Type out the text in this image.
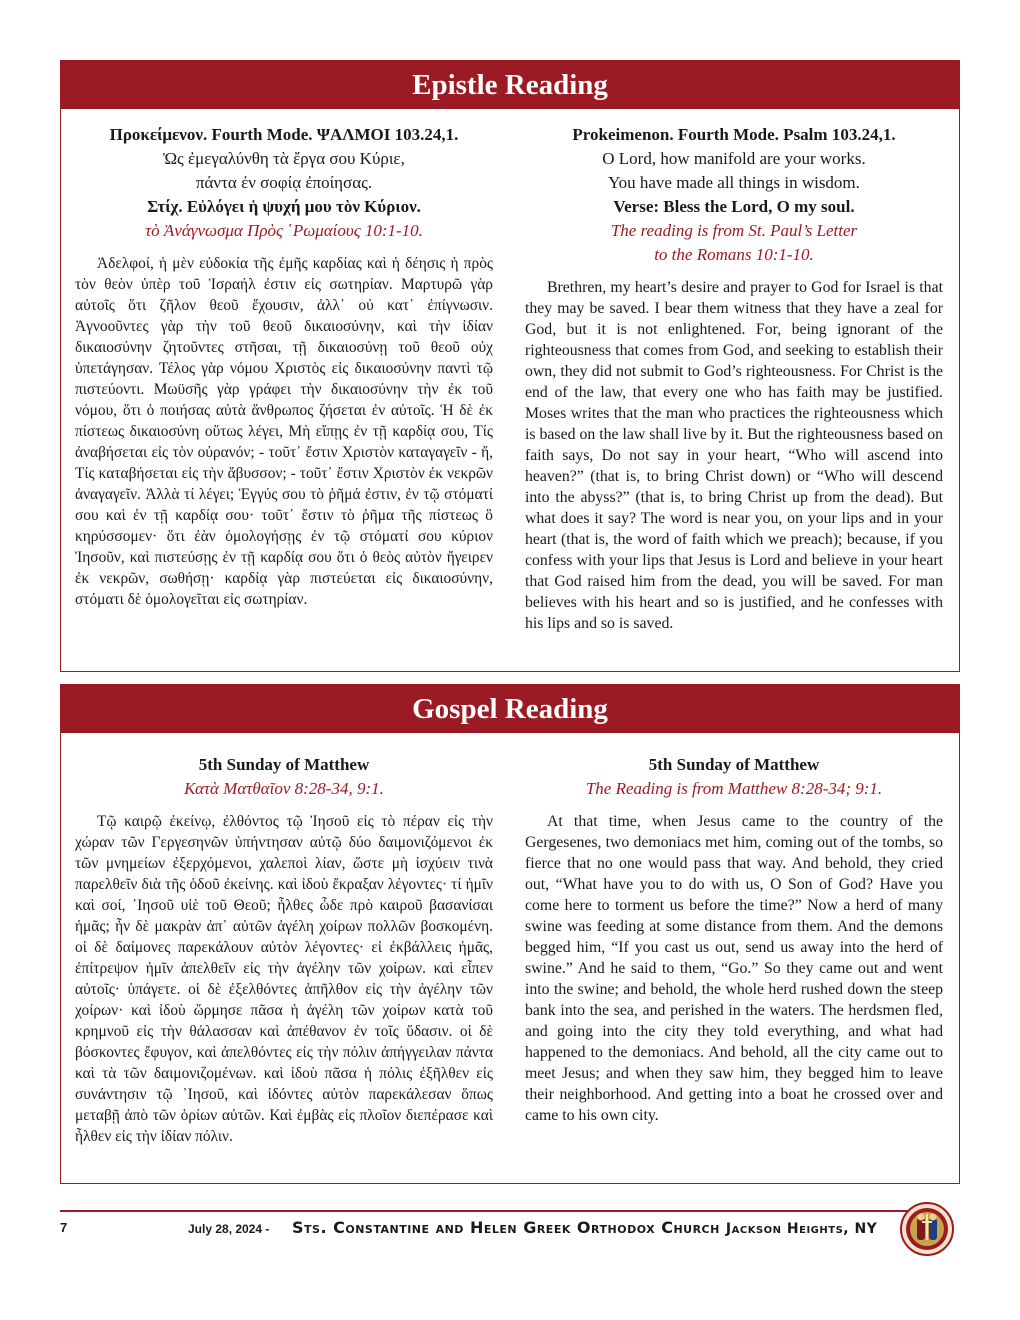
Epistle Reading
Προκείμενον. Fourth Mode. ΨΑΛΜΟΙ 103.24,1.
Ὡς ἐμεγαλύνθη τὰ ἔργα σου Κύριε,
πάντα ἐν σοφίᾳ ἐποίησας.
Στίχ. Εὐλόγει ἡ ψυχή μου τὸν Κύριον.
τὸ Ἀνάγνωσμα Πρὸς ῾Ρωμαίους 10:1-10.
Ἀδελφοί, ἡ μὲν εὐδοκία τῆς ἐμῆς καρδίας καὶ ἡ δέησις ἡ πρὸς τὸν θεὸν ὑπὲρ τοῦ Ἰσραήλ ἐστιν εἰς σωτηρίαν. Μαρτυρῶ γὰρ αὐτοῖς ὅτι ζῆλον θεοῦ ἔχουσιν, ἀλλ᾽ οὐ κατ᾽ ἐπίγνωσιν. Ἀγνοοῦντες γὰρ τὴν τοῦ θεοῦ δικαιοσύνην, καὶ τὴν ἰδίαν δικαιοσύνην ζητοῦντες στῆσαι, τῇ δικαιοσύνῃ τοῦ θεοῦ οὐχ ὑπετάγησαν. Τέλος γὰρ νόμου Χριστὸς εἰς δικαιοσύνην παντὶ τῷ πιστεύοντι. Μωϋσῆς γὰρ γράφει τὴν δικαιοσύνην τὴν ἐκ τοῦ νόμου, ὅτι ὁ ποιήσας αὐτὰ ἄνθρωπος ζήσεται ἐν αὐτοῖς. Ἡ δὲ ἐκ πίστεως δικαιοσύνη οὕτως λέγει, Μὴ εἴπῃς ἐν τῇ καρδίᾳ σου, Τίς ἀναβήσεται εἰς τὸν οὐρανόν; - τοῦτ᾽ ἔστιν Χριστὸν καταγαγεῖν - ἤ, Τίς καταβήσεται εἰς τὴν ἄβυσσον; - τοῦτ᾽ ἔστιν Χριστὸν ἐκ νεκρῶν ἀναγαγεῖν. Ἀλλὰ τί λέγει; Ἐγγύς σου τὸ ῥῆμά ἐστιν, ἐν τῷ στόματί σου καὶ ἐν τῇ καρδίᾳ σου· τοῦτ᾽ ἔστιν τὸ ῥῆμα τῆς πίστεως ὃ κηρύσσομεν· ὅτι ἐὰν ὁμολογήσῃς ἐν τῷ στόματί σου κύριον Ἰησοῦν, καὶ πιστεύσῃς ἐν τῇ καρδίᾳ σου ὅτι ὁ θεὸς αὐτὸν ἤγειρεν ἐκ νεκρῶν, σωθήσῃ· καρδίᾳ γὰρ πιστεύεται εἰς δικαιοσύνην, στόματι δὲ ὁμολογεῖται εἰς σωτηρίαν.
Prokeimenon. Fourth Mode. Psalm 103.24,1.
O Lord, how manifold are your works.
You have made all things in wisdom.
Verse: Bless the Lord, O my soul.
The reading is from St. Paul’s Letter
to the Romans 10:1-10.
Brethren, my heart’s desire and prayer to God for Israel is that they may be saved. I bear them witness that they have a zeal for God, but it is not enlightened. For, being ignorant of the righteousness that comes from God, and seeking to establish their own, they did not submit to God’s righteousness. For Christ is the end of the law, that every one who has faith may be justified. Moses writes that the man who practices the righteousness which is based on the law shall live by it. But the righteousness based on faith says, Do not say in your heart, “Who will ascend into heaven?” (that is, to bring Christ down) or “Who will descend into the abyss?” (that is, to bring Christ up from the dead). But what does it say? The word is near you, on your lips and in your heart (that is, the word of faith which we preach); because, if you confess with your lips that Jesus is Lord and believe in your heart that God raised him from the dead, you will be saved. For man believes with his heart and so is justified, and he confesses with his lips and so is saved.
Gospel Reading
5th Sunday of Matthew
Κατὰ Ματθαῖον 8:28-34, 9:1.
Τῷ καιρῷ ἐκείνῳ, ἐλθόντος τῷ Ἰησοῦ εἰς τὸ πέραν εἰς τὴν χώραν τῶν Γεργεσηνῶν ὑπήντησαν αὐτῷ δύο δαιμονιζόμενοι ἐκ τῶν μνημείων ἐξερχόμενοι, χαλεποὶ λίαν, ὥστε μὴ ἰσχύειν τινὰ παρελθεῖν διὰ τῆς ὁδοῦ ἐκείνης. καὶ ἰδοὺ ἔκραξαν λέγοντες· τί ἡμῖν καὶ σοί, ᾿Ιησοῦ υἱὲ τοῦ Θεοῦ; ἦλθες ὧδε πρὸ καιροῦ βασανίσαι ἡμᾶς; ἦν δὲ μακρὰν ἀπ᾽ αὐτῶν ἀγέλη χοίρων πολλῶν βοσκομένη. οἱ δὲ δαίμονες παρεκάλουν αὐτὸν λέγοντες· εἰ ἐκβάλλεις ἡμᾶς, ἐπίτρεψον ἡμῖν ἀπελθεῖν εἰς τὴν ἀγέλην τῶν χοίρων. καὶ εἶπεν αὐτοῖς· ὑπάγετε. οἱ δὲ ἐξελθόντες ἀπῆλθον εἰς τὴν ἀγέλην τῶν χοίρων· καὶ ἰδοὺ ὥρμησε πᾶσα ἡ ἀγέλη τῶν χοίρων κατὰ τοῦ κρημνοῦ εἰς τὴν θάλασσαν καὶ ἀπέθανον ἐν τοῖς ὕδασιν. οἱ δὲ βόσκοντες ἔφυγον, καὶ ἀπελθόντες εἰς τὴν πόλιν ἀπήγγειλαν πάντα καὶ τὰ τῶν δαιμονιζομένων. καὶ ἰδοὺ πᾶσα ἡ πόλις ἐξῆλθεν εἰς συνάντησιν τῷ ᾿Ιησοῦ, καὶ ἰδόντες αὐτὸν παρεκάλεσαν ὅπως μεταβῇ ἀπὸ τῶν ὁρίων αὐτῶν. Καὶ ἐμβὰς εἰς πλοῖον διεπέρασε καὶ ἦλθεν εἰς τὴν ἰδίαν πόλιν.
5th Sunday of Matthew
The Reading is from Matthew 8:28-34; 9:1.
At that time, when Jesus came to the country of the Gergesenes, two demoniacs met him, coming out of the tombs, so fierce that no one would pass that way. And behold, they cried out, “What have you to do with us, O Son of God? Have you come here to torment us before the time?” Now a herd of many swine was feeding at some distance from them. And the demons begged him, “If you cast us out, send us away into the herd of swine.” And he said to them, “Go.” So they came out and went into the swine; and behold, the whole herd rushed down the steep bank into the sea, and perished in the waters. The herdsmen fled, and going into the city they told everything, and what had happened to the demoniacs. And behold, all the city came out to meet Jesus; and when they saw him, they begged him to leave their neighborhood. And getting into a boat he crossed over and came to his own city.
7	July 28, 2024 - Sts. Constantine and Helen Greek Orthodox Church Jackson Heights, NY
